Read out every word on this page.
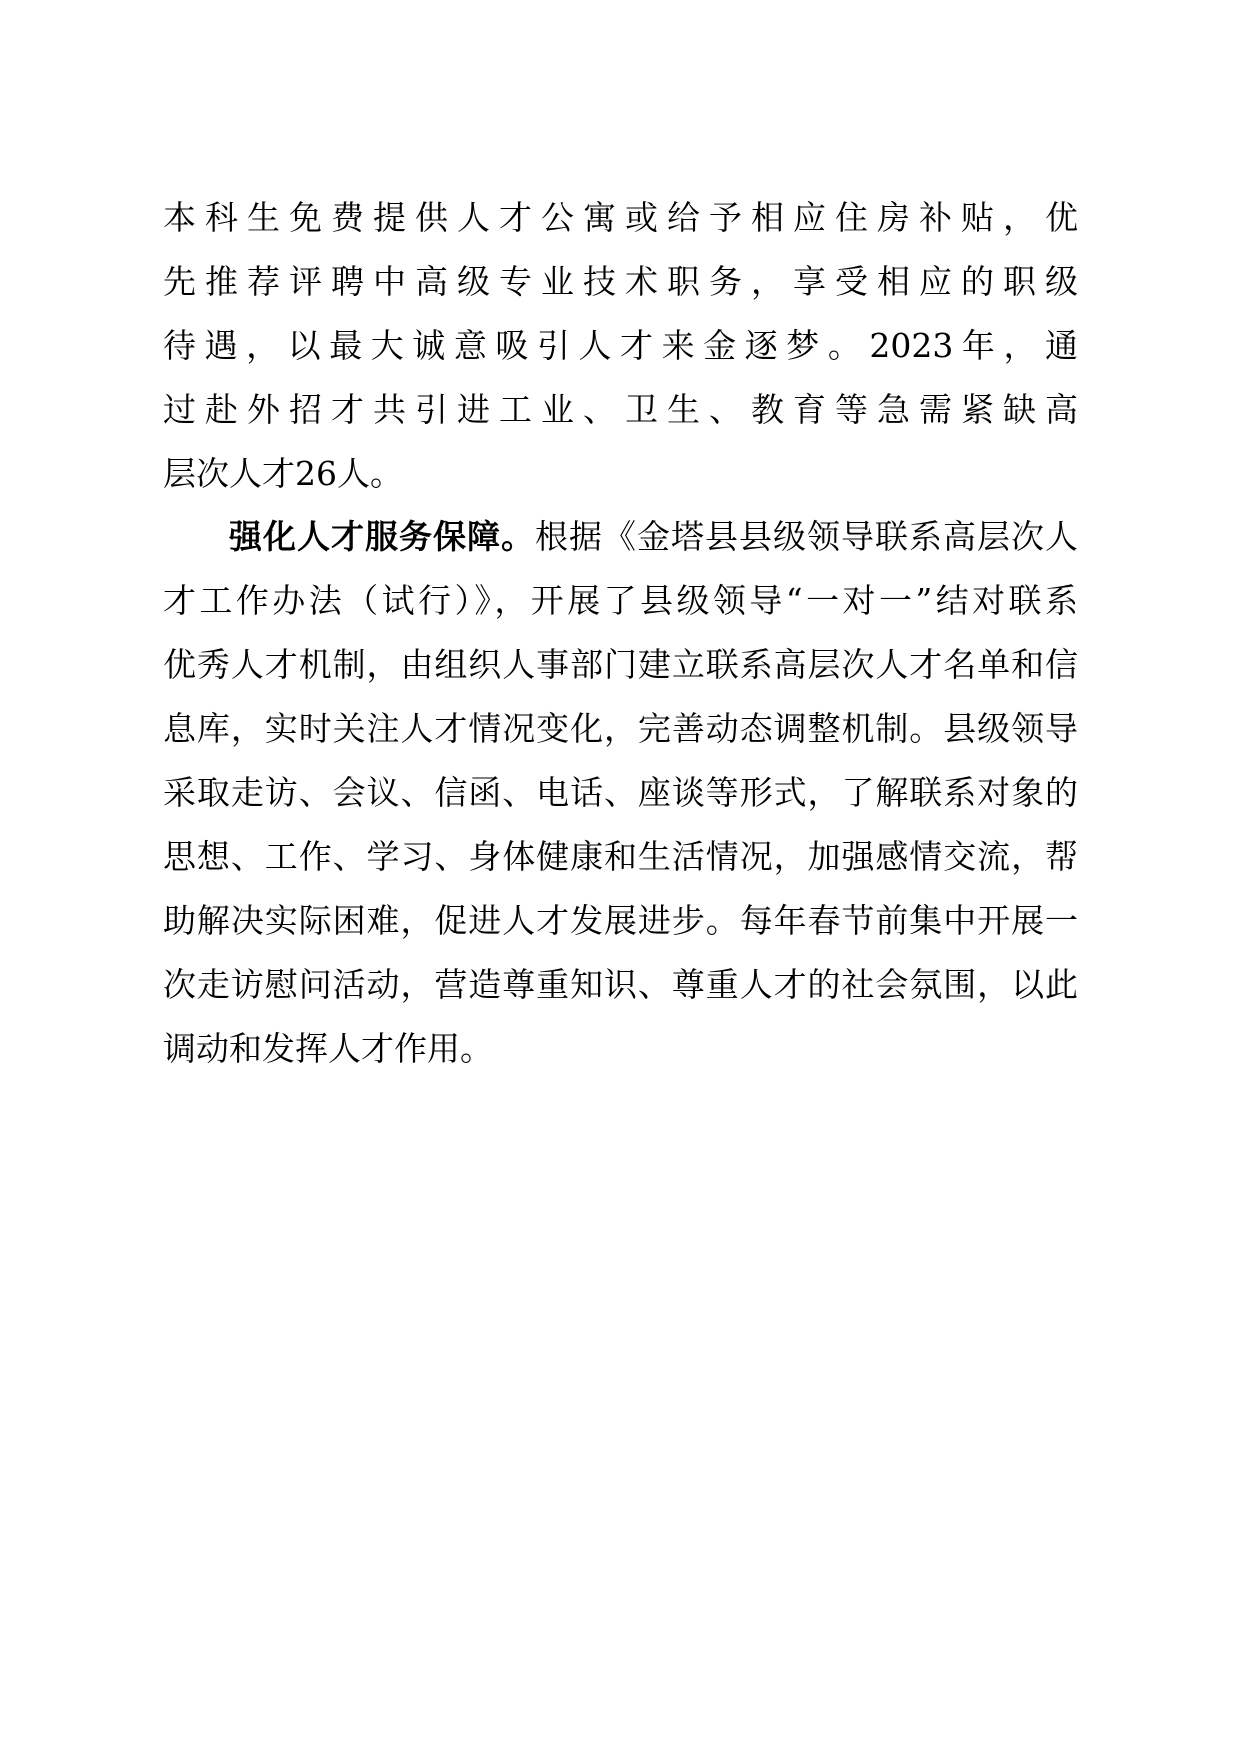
本科生免费提供人才公寓或给予相应住房补贴，优
先推荐评聘中高级专业技术职务，享受相应的职级
待遇，以最大诚意吸引人才来金逐梦。2023年，通
过赴外招才共引进工业、卫生、教育等急需紧缺高
层次人才26人。
强化人才服务保障。根据《金塔县县级领导联系高层次人
才工作办法（试行）》，开展了县级领导“一对一”结对联系
优秀人才机制，由组织人事部门建立联系高层次人才名单和信
息库，实时关注人才情况变化，完善动态调整机制。县级领导
采取走访、会议、信函、电话、座谈等形式，了解联系对象的
思想、工作、学习、身体健康和生活情况，加强感情交流，帮
助解决实际困难，促进人才发展进步。每年春节前集中开展一
次走访慰问活动，营造尊重知识、尊重人才的社会氛围，以此
调动和发挥人才作用。
